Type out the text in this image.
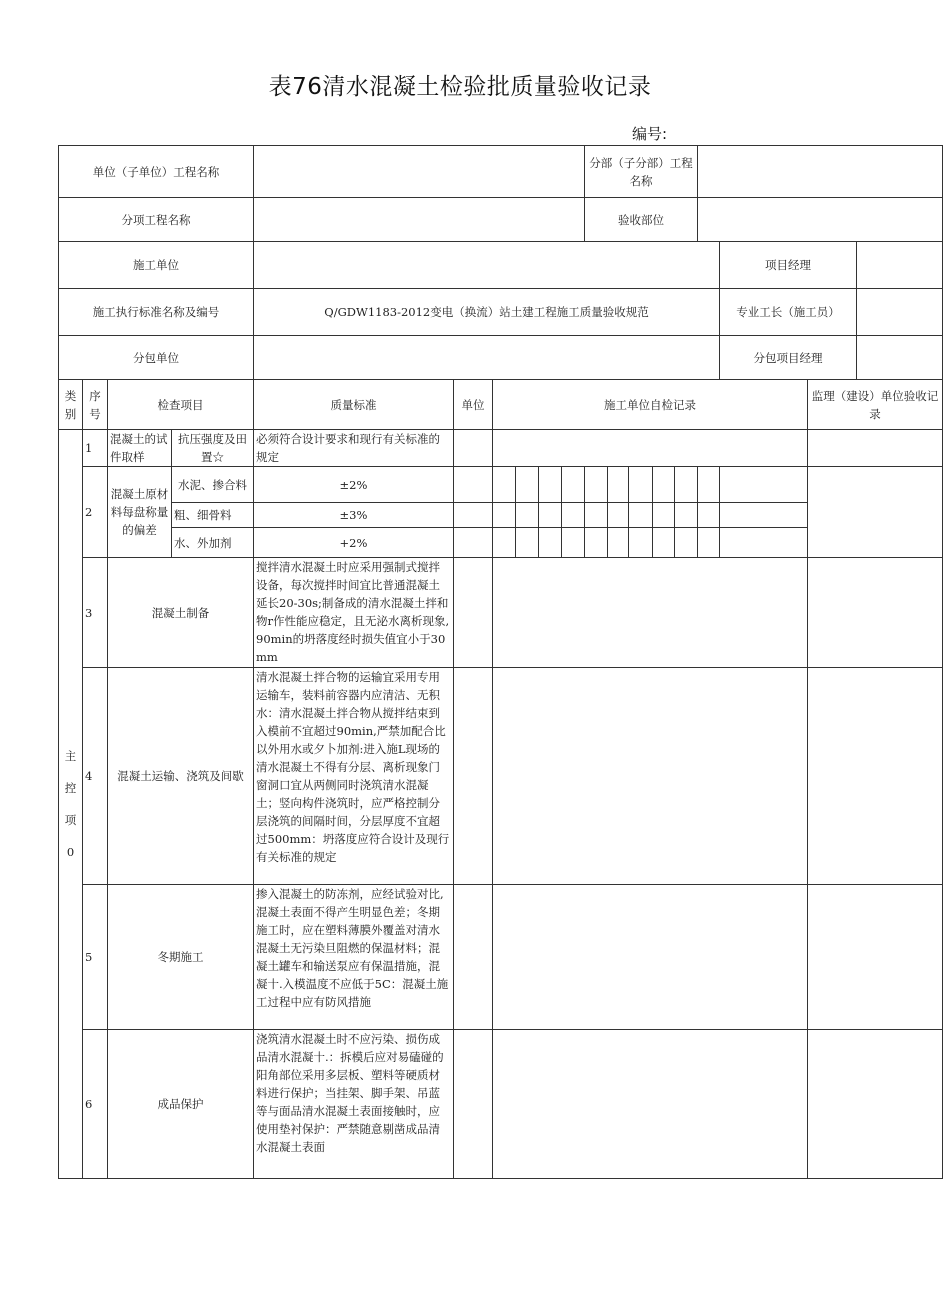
表76清水混凝土检验批质量验收记录
编号:
单位（子单位）工程名称										分部（子分部）工程名称								
分项工程名称										验收部位								
施工单位																项目经理		
施工执行标准名称及编号				Q/GDW1183-2012变电（换流）站土建工程施工质量验收规范												专业工长（施工员）		
分包单位																分包项目经理		
类别	序号	检查项目		质量标准	单位	施工单位自检记录											监理（建设）单位验收记录	

主
控
项
0	1	混凝土的试件取样	抗压强度及田置☆	必须符合设计要求和现行有关标准的规定														
	2	混凝土原材料每盘称量的偏差	水泥、掺合料	±2%														
			粗、细骨料	±3%														
			水、外加剂	+2%														
	3	混凝土制备		搅拌清水混凝土时应采用强制式搅拌设备，每次搅拌时间宜比普通混凝土延长20-30s;制备成的清水混凝土拌和物r作性能应稳定，且无泌水离析现象,90min的坍落度经时损失值宜小于30mm														
	4	混凝土运输、浇筑及间歇		清水混凝土拌合物的运输宜采用专用运输车，装料前容器内应清洁、无积水：清水混凝土拌合物从搅拌结束到入模前不宜超过90min,严禁加配合比以外用水或夕卜加剂:进入施L现场的清水混凝土不得有分层、离析现象门窗洞口宜从两侧同时浇筑清水混凝土；竖向构件浇筑时，应严格控制分层浇筑的间隔时间，分层厚度不宜超过500mm：坍落度应符合设计及现行有关标准的规定														
	5	冬期施工		掺入混凝土的防冻剂，应经试验对比,混凝土表面不得产生明显色差；冬期施工时，应在塑料薄膜外覆盖对清水混凝土无污染旦阻燃的保温材料；混凝土罐车和输送泵应有保温措施，混凝十.入模温度不应低于5C：混凝土施工过程中应有防风措施														
	6	成品保护		浇筑清水混凝土时不应污染、损伤成品清水混凝十.：拆模后应对易磕碰的阳角部位采用多层板、塑料等硬质材料进行保护；当挂架、脚手架、吊蓝等与面品清水混凝土表面接触时，应使用垫衬保护：严禁随意剔凿成品清水混凝土表面														
